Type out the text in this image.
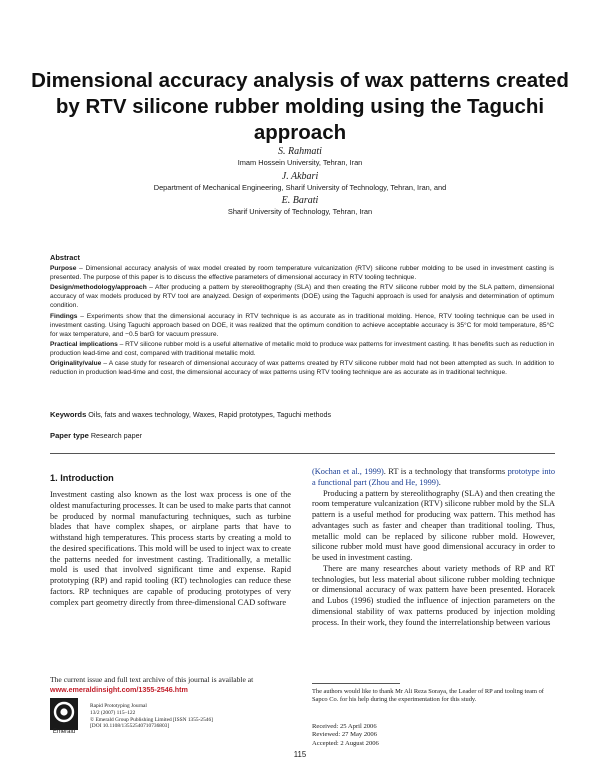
Dimensional accuracy analysis of wax patterns created by RTV silicone rubber molding using the Taguchi approach
S. Rahmati
Imam Hossein University, Tehran, Iran
J. Akbari
Department of Mechanical Engineering, Sharif University of Technology, Tehran, Iran, and
E. Barati
Sharif University of Technology, Tehran, Iran

Abstract

Purpose – Dimensional accuracy analysis of wax model created by room temperature vulcanization (RTV) silicone rubber molding to be used in investment casting is presented. The purpose of this paper is to discuss the effective parameters of dimensional accuracy in RTV tooling technique.

Design/methodology/approach – After producing a pattern by stereolithography (SLA) and then creating the RTV silicone rubber mold by the SLA pattern, dimensional accuracy of wax models produced by RTV tool are analyzed. Design of experiments (DOE) using the Taguchi approach is used for analysis and determination of optimum condition.

Findings – Experiments show that the dimensional accuracy in RTV technique is as accurate as in traditional molding. Hence, RTV tooling technique can be used in investment casting. Using Taguchi approach based on DOE, it was realized that the optimum condition to achieve acceptable accuracy is 35°C for mold temperature, 85°C for wax temperature, and −0.5 barG for vacuum pressure.

Practical implications – RTV silicone rubber mold is a useful alternative of metallic mold to produce wax patterns for investment casting. It has benefits such as reduction in production lead-time and cost, compared with traditional metallic mold.

Originality/value – A case study for research of dimensional accuracy of wax patterns created by RTV silicone rubber mold had not been attempted as such. In addition to reduction in production lead-time and cost, the dimensional accuracy of wax patterns using RTV tooling technique are as accurate as in traditional technique.

Keywords Oils, fats and waxes technology, Waxes, Rapid prototypes, Taguchi methods

Paper type Research paper

1. Introduction

Investment casting also known as the lost wax process is one of the oldest manufacturing processes. It can be used to make parts that cannot be produced by normal manufacturing techniques, such as turbine blades that have complex shapes, or airplane parts that have to withstand high temperatures. This process starts by creating a mold to the desired specifications. This mold will be used to inject wax to create the patterns needed for investment casting. Traditionally, a metallic mold is used that involved significant time and expense. Rapid prototyping (RP) and rapid tooling (RT) technologies can reduce these factors. RP techniques are capable of producing prototypes of very complex part geometry directly from three-dimensional CAD software

(Kochan et al., 1999). RT is a technology that transforms prototype into a functional part (Zhou and He, 1999).

Producing a pattern by stereolithography (SLA) and then creating the room temperature vulcanization (RTV) silicone rubber mold by the SLA pattern is a useful method for producing wax pattern. This method has advantages such as faster and cheaper than traditional tooling. Thus, metallic mold can be replaced by silicone rubber mold. However, silicone rubber mold must have good dimensional accuracy in order to be used in investment casting.

There are many researches about variety methods of RP and RT technologies, but less material about silicone rubber molding technique or dimensional accuracy of wax pattern have been presented. Horacek and Lubos (1996) studied the influence of injection parameters on the dimensional stability of wax patterns produced by injection molding process. In their work, they found the interrelationship between various

The current issue and full text archive of this journal is available at
www.emeraldinsight.com/1355-2546.htm

Emerald

Rapid Prototyping Journal

13/2 (2007) 115–122

© Emerald Group Publishing Limited [ISSN 1355-2546]

[DOI 10.1108/13552540710736803]

The authors would like to thank Mr Ali Reza Soraya, the Leader of RP and tooling team of Sapco Co. for his help during the experimentation for this study.

Received: 25 April 2006

Reviewed: 27 May 2006

Accepted: 2 August 2006

115
